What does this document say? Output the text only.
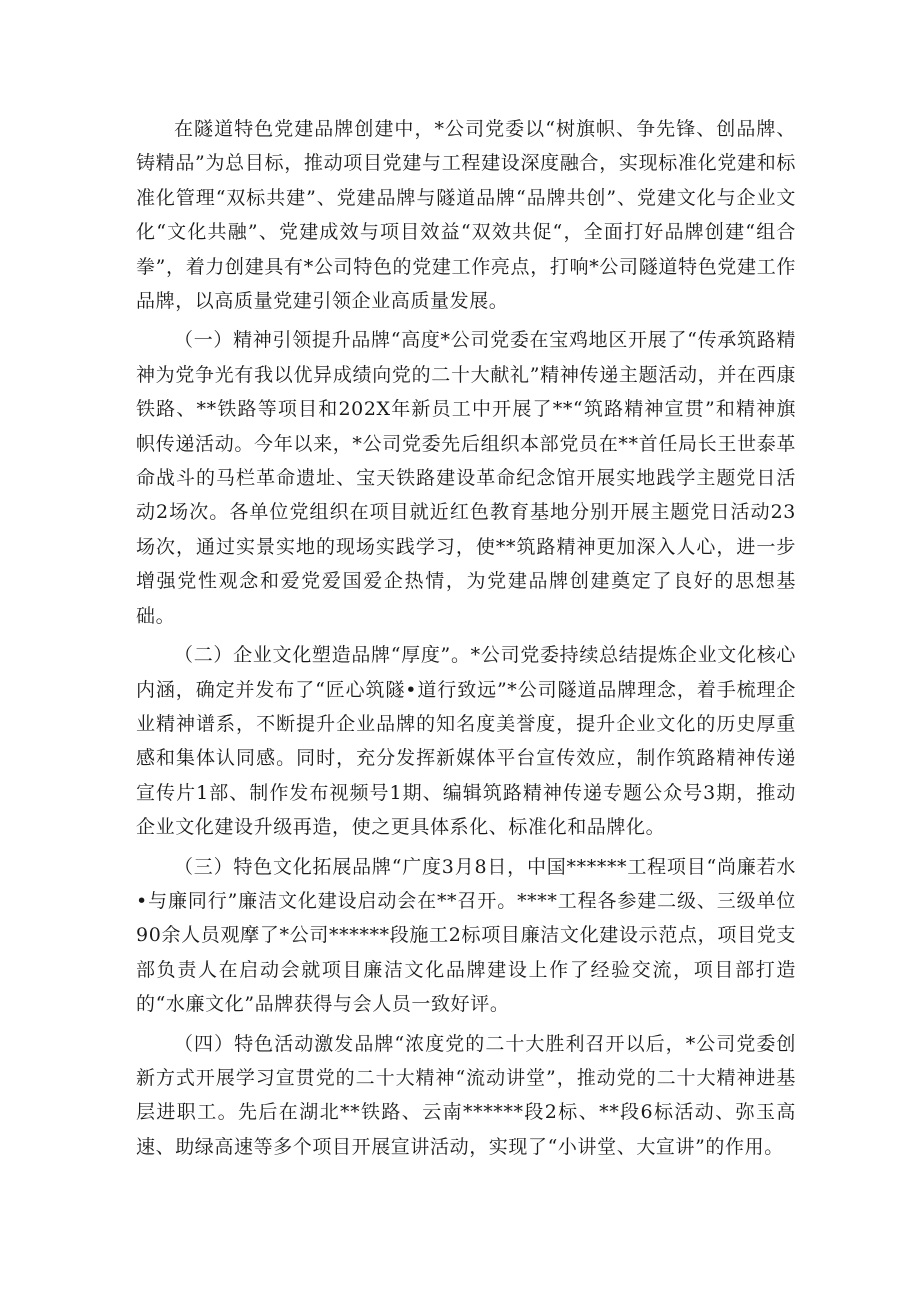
在隧道特色党建品牌创建中，*公司党委以“树旗帜、争先锋、创品牌、铸精品”为总目标，推动项目党建与工程建设深度融合，实现标准化党建和标准化管理“双标共建”、党建品牌与隧道品牌“品牌共创”、党建文化与企业文化“文化共融”、党建成效与项目效益“双效共促“，全面打好品牌创建“组合拳”，着力创建具有*公司特色的党建工作亮点，打响*公司隧道特色党建工作品牌，以高质量党建引领企业高质量发展。

（一）精神引领提升品牌“高度*公司党委在宝鸡地区开展了“传承筑路精神为党争光有我以优异成绩向党的二十大献礼”精神传递主题活动，并在西康铁路、**铁路等项目和202X年新员工中开展了**“筑路精神宣贯”和精神旗帜传递活动。今年以来，*公司党委先后组织本部党员在**首任局长王世泰革命战斗的马栏革命遗址、宝天铁路建设革命纪念馆开展实地践学主题党日活动2场次。各单位党组织在项目就近红色教育基地分别开展主题党日活动23场次，通过实景实地的现场实践学习，使**筑路精神更加深入人心，进一步增强党性观念和爱党爱国爱企热情，为党建品牌创建奠定了良好的思想基础。

（二）企业文化塑造品牌“厚度”。*公司党委持续总结提炼企业文化核心内涵，确定并发布了“匠心筑隧•道行致远”*公司隧道品牌理念，着手梳理企业精神谱系，不断提升企业品牌的知名度美誉度，提升企业文化的历史厚重感和集体认同感。同时，充分发挥新媒体平台宣传效应，制作筑路精神传递宣传片1部、制作发布视频号1期、编辑筑路精神传递专题公众号3期，推动企业文化建设升级再造，使之更具体系化、标准化和品牌化。

（三）特色文化拓展品牌“广度3月8日，中国******工程项目“尚廉若水•与廉同行”廉洁文化建设启动会在**召开。****工程各参建二级、三级单位90余人员观摩了*公司******段施工2标项目廉洁文化建设示范点，项目党支部负责人在启动会就项目廉洁文化品牌建设上作了经验交流，项目部打造的“水廉文化”品牌获得与会人员一致好评。

（四）特色活动激发品牌“浓度党的二十大胜利召开以后，*公司党委创新方式开展学习宣贯党的二十大精神“流动讲堂”，推动党的二十大精神进基层进职工。先后在湖北**铁路、云南******段2标、**段6标活动、弥玉高速、助绿高速等多个项目开展宣讲活动，实现了“小讲堂、大宣讲”的作用。
